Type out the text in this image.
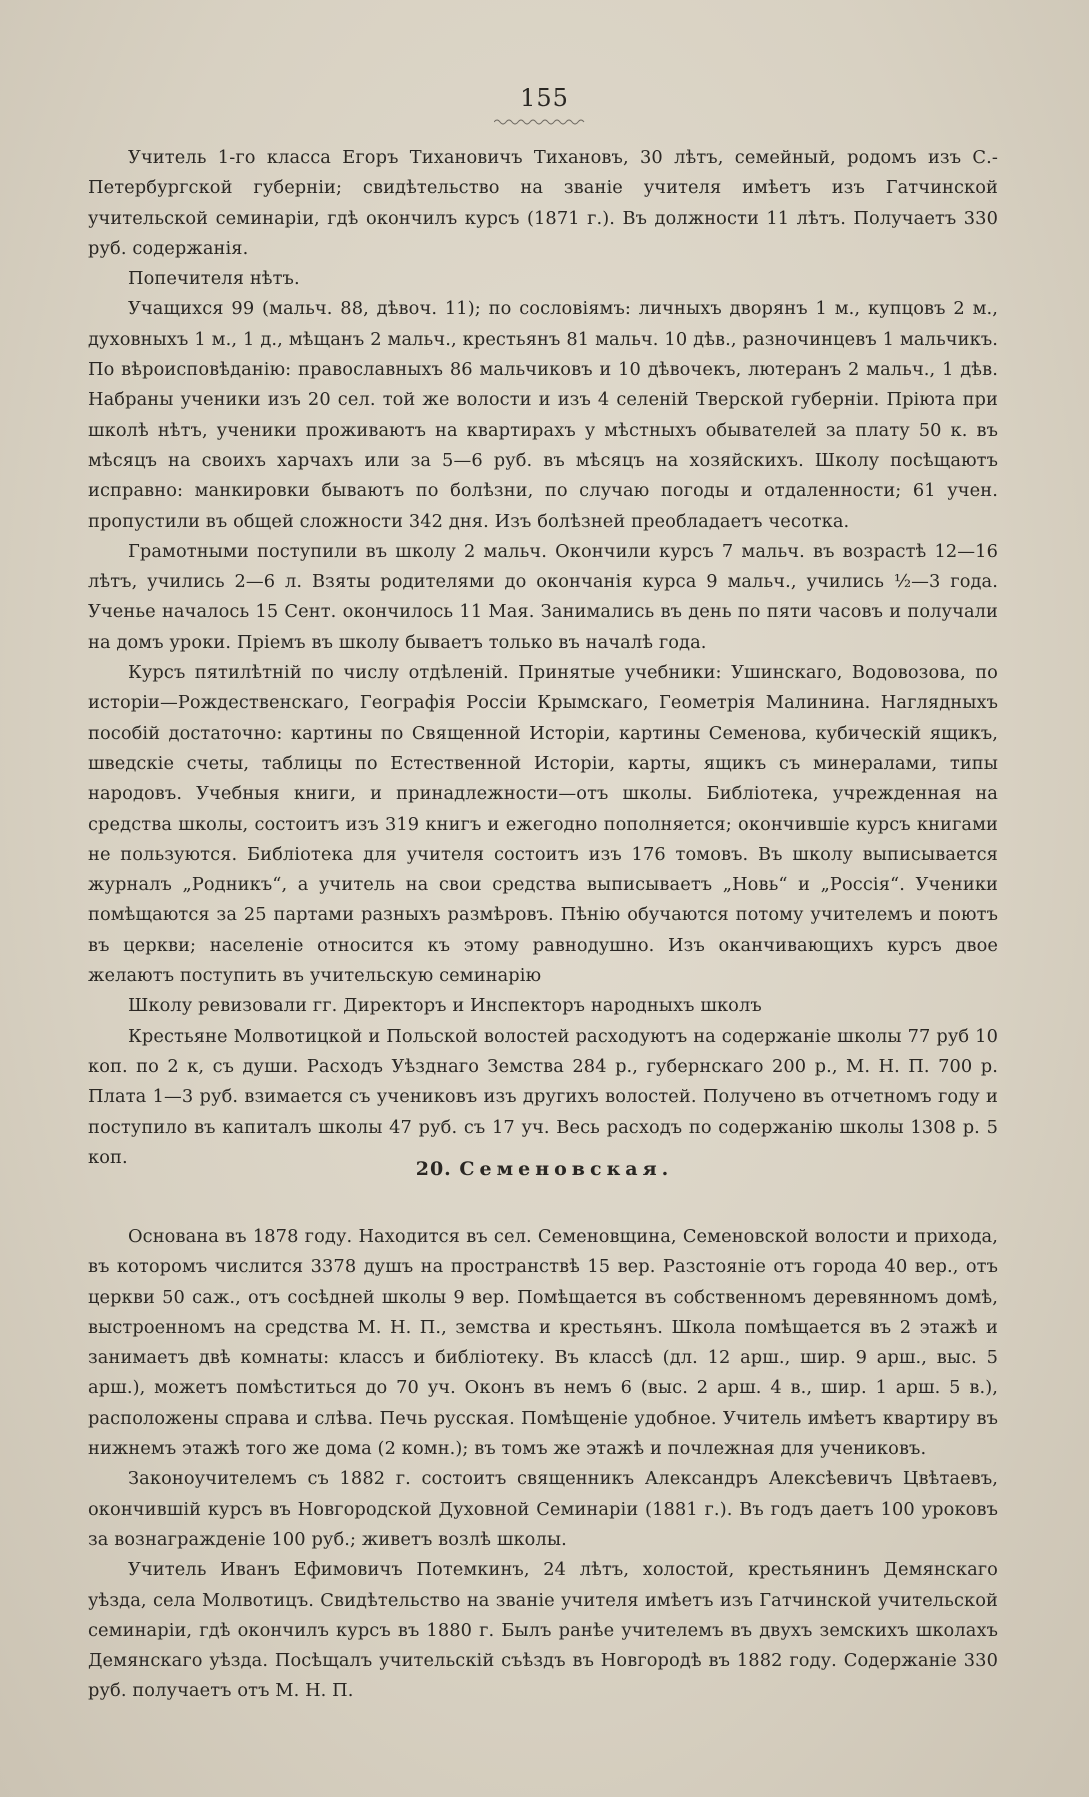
155

Учитель 1-го класса Егоръ Тихановичъ Тихановъ, 30 лѣтъ, семейный, родомъ изъ С.-Петербургской губерніи; свидѣтельство на званіе учителя имѣетъ изъ Гатчинской учительской семинаріи, гдѣ окончилъ курсъ (1871 г.). Въ должности 11 лѣтъ. Получаетъ 330 руб. содержанія.

Попечителя нѣтъ.

Учащихся 99 (мальч. 88, дѣвоч. 11); по сословіямъ: личныхъ дворянъ 1 м., купцовъ 2 м., духовныхъ 1 м., 1 д., мѣщанъ 2 мальч., крестьянъ 81 мальч. 10 дѣв., разночинцевъ 1 мальчикъ. По вѣроисповѣданію: православныхъ 86 мальчиковъ и 10 дѣвочекъ, лютеранъ 2 мальч., 1 дѣв. Набраны ученики изъ 20 сел. той же волости и изъ 4 селеній Тверской губерніи. Пріюта при школѣ нѣтъ, ученики проживаютъ на квартирахъ у мѣстныхъ обывателей за плату 50 к. въ мѣсяцъ на своихъ харчахъ или за 5—6 руб. въ мѣсяцъ на хозяйскихъ. Школу посѣщаютъ исправно: манкировки бываютъ по болѣзни, по случаю погоды и отдаленности; 61 учен. пропустили въ общей сложности 342 дня. Изъ болѣзней преобладаетъ чесотка.

Грамотными поступили въ школу 2 мальч. Окончили курсъ 7 мальч. въ возрастѣ 12—16 лѣтъ, учились 2—6 л. Взяты родителями до окончанія курса 9 мальч., учились ½—3 года. Ученье началось 15 Сент. окончилось 11 Мая. Занимались въ день по пяти часовъ и получали на домъ уроки. Пріемъ въ школу бываетъ только въ началѣ года.

Курсъ пятилѣтній по числу отдѣленій. Принятые учебники: Ушинскаго, Водовозова, по исторіи—Рождественскаго, Географія Россіи Крымскаго, Геометрія Малинина. Наглядныхъ пособій достаточно: картины по Священной Исторіи, картины Семенова, кубическій ящикъ, шведскіе счеты, таблицы по Естественной Исторіи, карты, ящикъ съ минералами, типы народовъ. Учебныя книги, и принадлежности—отъ школы. Библіотека, учрежденная на средства школы, состоитъ изъ 319 книгъ и ежегодно пополняется; окончившіе курсъ книгами не пользуются. Библіотека для учителя состоитъ изъ 176 томовъ. Въ школу выписывается журналъ „Родникъ“, а учитель на свои средства выписываетъ „Новь“ и „Россія“. Ученики помѣщаются за 25 партами разныхъ размѣровъ. Пѣнію обучаются потому учителемъ и поютъ въ церкви; населеніе относится къ этому равнодушно. Изъ оканчивающихъ курсъ двое желаютъ поступить въ учительскую семинарію

Школу ревизовали гг. Директоръ и Инспекторъ народныхъ школъ

Крестьяне Молвотицкой и Польской волостей расходуютъ на содержаніе школы 77 руб 10 коп. по 2 к, съ души. Расходъ Уѣзднаго Земства 284 р., губернскаго 200 р., М. Н. П. 700 р. Плата 1—3 руб. взимается съ учениковъ изъ другихъ волостей. Получено въ отчетномъ году и поступило въ капиталъ школы 47 руб. съ 17 уч. Весь расходъ по содержанію школы 1308 р. 5 коп.

20. Семеновская.

Основана въ 1878 году. Находится въ сел. Семеновщина, Семеновской волости и прихода, въ которомъ числится 3378 душъ на пространствѣ 15 вер. Разстояніе отъ города 40 вер., отъ церкви 50 саж., отъ сосѣдней школы 9 вер. Помѣщается въ собственномъ деревянномъ домѣ, выстроенномъ на средства М. Н. П., земства и крестьянъ. Школа помѣщается въ 2 этажѣ и занимаетъ двѣ комнаты: классъ и библіотеку. Въ классѣ (дл. 12 арш., шир. 9 арш., выс. 5 арш.), можетъ помѣститься до 70 уч. Оконъ въ немъ 6 (выс. 2 арш. 4 в., шир. 1 арш. 5 в.), расположены справа и слѣва. Печь русская. Помѣщеніе удобное. Учитель имѣетъ квартиру въ нижнемъ этажѣ того же дома (2 комн.); въ томъ же этажѣ и почлежная для учениковъ.

Законоучителемъ съ 1882 г. состоитъ священникъ Александръ Алексѣевичъ Цвѣтаевъ, окончившій курсъ въ Новгородской Духовной Семинаріи (1881 г.). Въ годъ даетъ 100 уроковъ за вознагражденіе 100 руб.; живетъ возлѣ школы.

Учитель Иванъ Ефимовичъ Потемкинъ, 24 лѣтъ, холостой, крестьянинъ Демянскаго уѣзда, села Молвотицъ. Свидѣтельство на званіе учителя имѣетъ изъ Гатчинской учительской семинаріи, гдѣ окончилъ курсъ въ 1880 г. Былъ ранѣе учителемъ въ двухъ земскихъ школахъ Демянскаго уѣзда. Посѣщалъ учительскій съѣздъ въ Новгородѣ въ 1882 году. Содержаніе 330 руб. получаетъ отъ М. Н. П.
